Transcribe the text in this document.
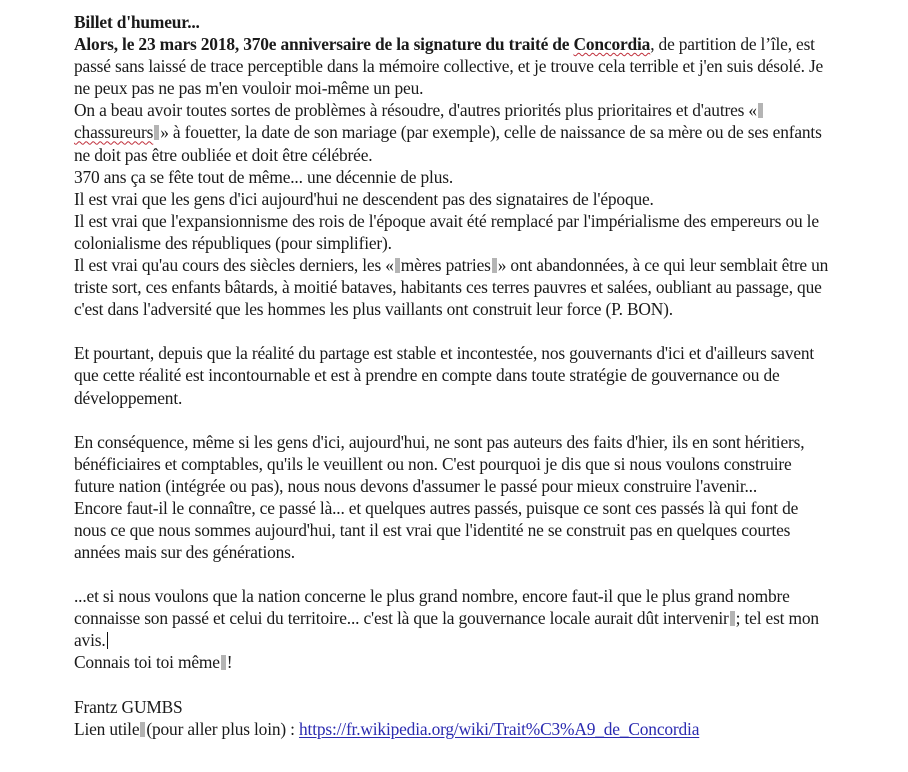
Billet d'humeur...

Alors, le 23 mars 2018, 370e anniversaire de la signature du traité de Concordia, de partition de l’île, est passé sans laissé de trace perceptible dans la mémoire collective, et je trouve cela terrible et j'en suis désolé. Je ne peux pas ne pas m'en vouloir moi-même un peu.

On a beau avoir toutes sortes de problèmes à résoudre, d'autres priorités plus prioritaires et d'autres «chassureurs » à fouetter, la date de son mariage (par exemple), celle de naissance de sa mère ou de ses enfants ne doit pas être oubliée et doit être célébrée.

370 ans ça se fête tout de même... une décennie de plus.

Il est vrai que les gens d'ici aujourd'hui ne descendent pas des signataires de l'époque.

Il est vrai que l'expansionnisme des rois de l'époque avait été remplacé par l'impérialisme des empereurs ou le colonialisme des républiques (pour simplifier).

Il est vrai qu'au cours des siècles derniers, les « mères patries » ont abandonnées, à ce qui leur semblait être un triste sort, ces enfants bâtards, à moitié bataves, habitants ces terres pauvres et salées, oubliant au passage, que c'est dans l'adversité que les hommes les plus vaillants ont construit leur force (P. BON).

Et pourtant, depuis que la réalité du partage est stable et incontestée, nos gouvernants d'ici et d'ailleurs savent que cette réalité est incontournable et est à prendre en compte dans toute stratégie de gouvernance ou de développement.

En conséquence, même si les gens d'ici, aujourd'hui, ne sont pas auteurs des faits d'hier, ils en sont héritiers, bénéficiaires et comptables, qu'ils le veuillent ou non. C'est pourquoi je dis que si nous voulons construire future nation (intégrée ou pas), nous nous devons d'assumer le passé pour mieux construire l'avenir...

Encore faut-il le connaître, ce passé là... et quelques autres passés, puisque ce sont ces passés là qui font de nous ce que nous sommes aujourd'hui, tant il est vrai que l'identité ne se construit pas en quelques courtes années mais sur des générations.

...et si nous voulons que la nation concerne le plus grand nombre, encore faut-il que le plus grand nombre connaisse son passé et celui du territoire... c'est là que la gouvernance locale aurait dût intervenir ; tel est mon avis.

Connais toi toi même !

Frantz GUMBS

Lien utile (pour aller plus loin) : https://fr.wikipedia.org/wiki/Trait%C3%A9_de_Concordia
